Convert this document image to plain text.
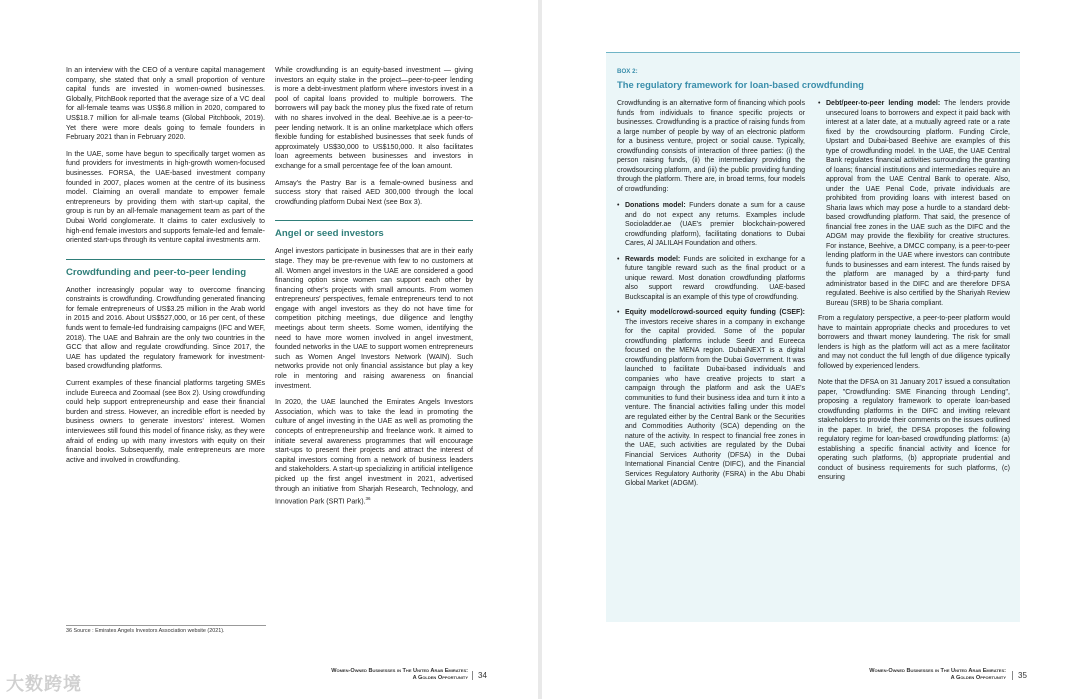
In an interview with the CEO of a venture capital management company, she stated that only a small proportion of venture capital funds are invested in women-owned businesses. Globally, PitchBook reported that the average size of a VC deal for all-female teams was US$6.8 million in 2020, compared to US$18.7 million for all-male teams (Global Pitchbook, 2019). Yet there were more deals going to female founders in February 2021 than in February 2020.

In the UAE, some have begun to specifically target women as fund providers for investments in high-growth women-focused businesses. FORSA, the UAE-based investment company founded in 2007, places women at the centre of its business model. Claiming an overall mandate to empower female entrepreneurs by providing them with start-up capital, the group is run by an all-female management team as part of the Dubai World conglomerate. It claims to cater exclusively to high-end female investors and supports female-led and female-oriented start-ups through its venture capital investments arm.

Crowdfunding and peer-to-peer lending

Another increasingly popular way to overcome financing constraints is crowdfunding. Crowdfunding generated financing for female entrepreneurs of US$3.25 million in the Arab world in 2015 and 2016. About US$527,000, or 16 per cent, of these funds went to female-led fundraising campaigns (IFC and WEF, 2018). The UAE and Bahrain are the only two countries in the GCC that allow and regulate crowdfunding. Since 2017, the UAE has updated the regulatory framework for investment-based crowdfunding platforms.

Current examples of these financial platforms targeting SMEs include Eureeca and Zoomaal (see Box 2). Using crowdfunding could help support entrepreneurship and ease their financial burden and stress. However, an incredible effort is needed by business owners to generate investors' interest. Women interviewees still found this model of finance risky, as they were afraid of ending up with many investors with equity on their financial books. Subsequently, male entrepreneurs are more active and involved in crowdfunding.

While crowdfunding is an equity-based investment — giving investors an equity stake in the project—peer-to-peer lending is more a debt-investment platform where investors invest in a pool of capital loans provided to multiple borrowers. The borrowers will pay back the money plus the fixed rate of return with no shares involved in the deal. Beehive.ae is a peer-to-peer lending network. It is an online marketplace which offers flexible funding for established businesses that seek funds of approximately US$30,000 to US$150,000. It also facilitates loan agreements between businesses and investors in exchange for a small percentage fee of the loan amount.

Amsay's the Pastry Bar is a female-owned business and success story that raised AED 300,000 through the local crowdfunding platform Dubai Next (see Box 3).

Angel or seed investors

Angel investors participate in businesses that are in their early stage. They may be pre-revenue with few to no customers at all. Women angel investors in the UAE are considered a good financing option since women can support each other by financing other's projects with small amounts. From women entrepreneurs' perspectives, female entrepreneurs tend to not engage with angel investors as they do not have time for competition pitching meetings, due diligence and lengthy meetings about term sheets. Some women, identifying the need to have more women involved in angel investment, founded networks in the UAE to support women entrepreneurs such as Women Angel Investors Network (WAIN). Such networks provide not only financial assistance but play a key role in mentoring and raising awareness on financial investment.

In 2020, the UAE launched the Emirates Angels Investors Association, which was to take the lead in promoting the culture of angel investing in the UAE as well as promoting the concepts of entrepreneurship and freelance work. It aimed to initiate several awareness programmes that will encourage start-ups to present their projects and attract the interest of capital investors coming from a network of business leaders and stakeholders. A start-up specializing in artificial intelligence picked up the first angel investment in 2021, advertised through an initiative from Sharjah Research, Technology, and Innovation Park (SRTI Park).$^{36}$

36 Source : Emirates Angels Investors Association website (2021).
Women-Owned Businesses in The United Arab Emirates:
A Golden Opportunity	34
大数跨境
BOX 2:
The regulatory framework for loan-based crowdfunding

Crowdfunding is an alternative form of financing which pools funds from individuals to finance specific projects or businesses. Crowdfunding is a practice of raising funds from a large number of people by way of an electronic platform for a business venture, project or social cause. Typically, crowdfunding consists of interaction of three parties: (i) the person raising funds, (ii) the intermediary providing the crowdsourcing platform, and (iii) the public providing funding through the platform. There are, in broad terms, four models of crowdfunding:

• Donations model: Funders donate a sum for a cause and do not expect any returns. Examples include Socioladder.ae (UAE's premier blockchain-powered crowdfunding platform), facilitating donations to Dubai Cares, Al JALILAH Foundation and others.
• Rewards model: Funds are solicited in exchange for a future tangible reward such as the final product or a unique reward. Most donation crowdfunding platforms also support reward crowdfunding. UAE-based Buckscapital is an example of this type of crowdfunding.
• Equity model/crowd-sourced equity funding (CSEF): The investors receive shares in a company in exchange for the capital provided. Some of the popular crowdfunding platforms include Seedr and Eureeca focused on the MENA region. DubaiNEXT is a digital crowdfunding platform from the Dubai Government. It was launched to facilitate Dubai-based individuals and companies who have creative projects to start a campaign through the platform and ask the UAE's communities to fund their business idea and turn it into a venture. The financial activities falling under this model are regulated either by the Central Bank or the Securities and Commodities Authority (SCA) depending on the nature of the activity. In respect to financial free zones in the UAE, such activities are regulated by the Dubai Financial Services Authority (DFSA) in the Dubai International Financial Centre (DIFC), and the Financial Services Regulatory Authority (FSRA) in the Abu Dhabi Global Market (ADGM).
• Debt/peer-to-peer lending model: The lenders provide unsecured loans to borrowers and expect it paid back with interest at a later date, at a mutually agreed rate or a rate fixed by the crowdsourcing platform. Funding Circle, Upstart and Dubai-based Beehive are examples of this type of crowdfunding model. In the UAE, the UAE Central Bank regulates financial activities surrounding the granting of loans; financial institutions and intermediaries require an approval from the UAE Central Bank to operate. Also, under the UAE Penal Code, private individuals are prohibited from providing loans with interest based on Sharia laws which may pose a hurdle to a standard debt-based crowdfunding platform. That said, the presence of financial free zones in the UAE such as the DIFC and the ADGM may provide the flexibility for creative structures. For instance, Beehive, a DMCC company, is a peer-to-peer lending platform in the UAE where investors can contribute funds to businesses and earn interest. The funds raised by the platform are managed by a third-party fund administrator based in the DIFC and are therefore DFSA regulated. Beehive is also certified by the Shariyah Review Bureau (SRB) to be Sharia compliant.

From a regulatory perspective, a peer-to-peer platform would have to maintain appropriate checks and procedures to vet borrowers and thwart money laundering. The risk for small lenders is high as the platform will act as a mere facilitator and may not conduct the full length of due diligence typically followed by experienced lenders.

Note that the DFSA on 31 January 2017 issued a consultation paper, "Crowdfunding: SME Financing through Lending", proposing a regulatory framework to operate loan-based crowdfunding platforms in the DIFC and inviting relevant stakeholders to provide their comments on the issues outlined in the paper. In brief, the DFSA proposes the following regulatory regime for loan-based crowdfunding platforms: (a) establishing a specific financial activity and licence for operating such platforms, (b) appropriate prudential and conduct of business requirements for such platforms, (c) ensuring

Women-Owned Businesses in The United Arab Emirates:
A Golden Opportunity	35
